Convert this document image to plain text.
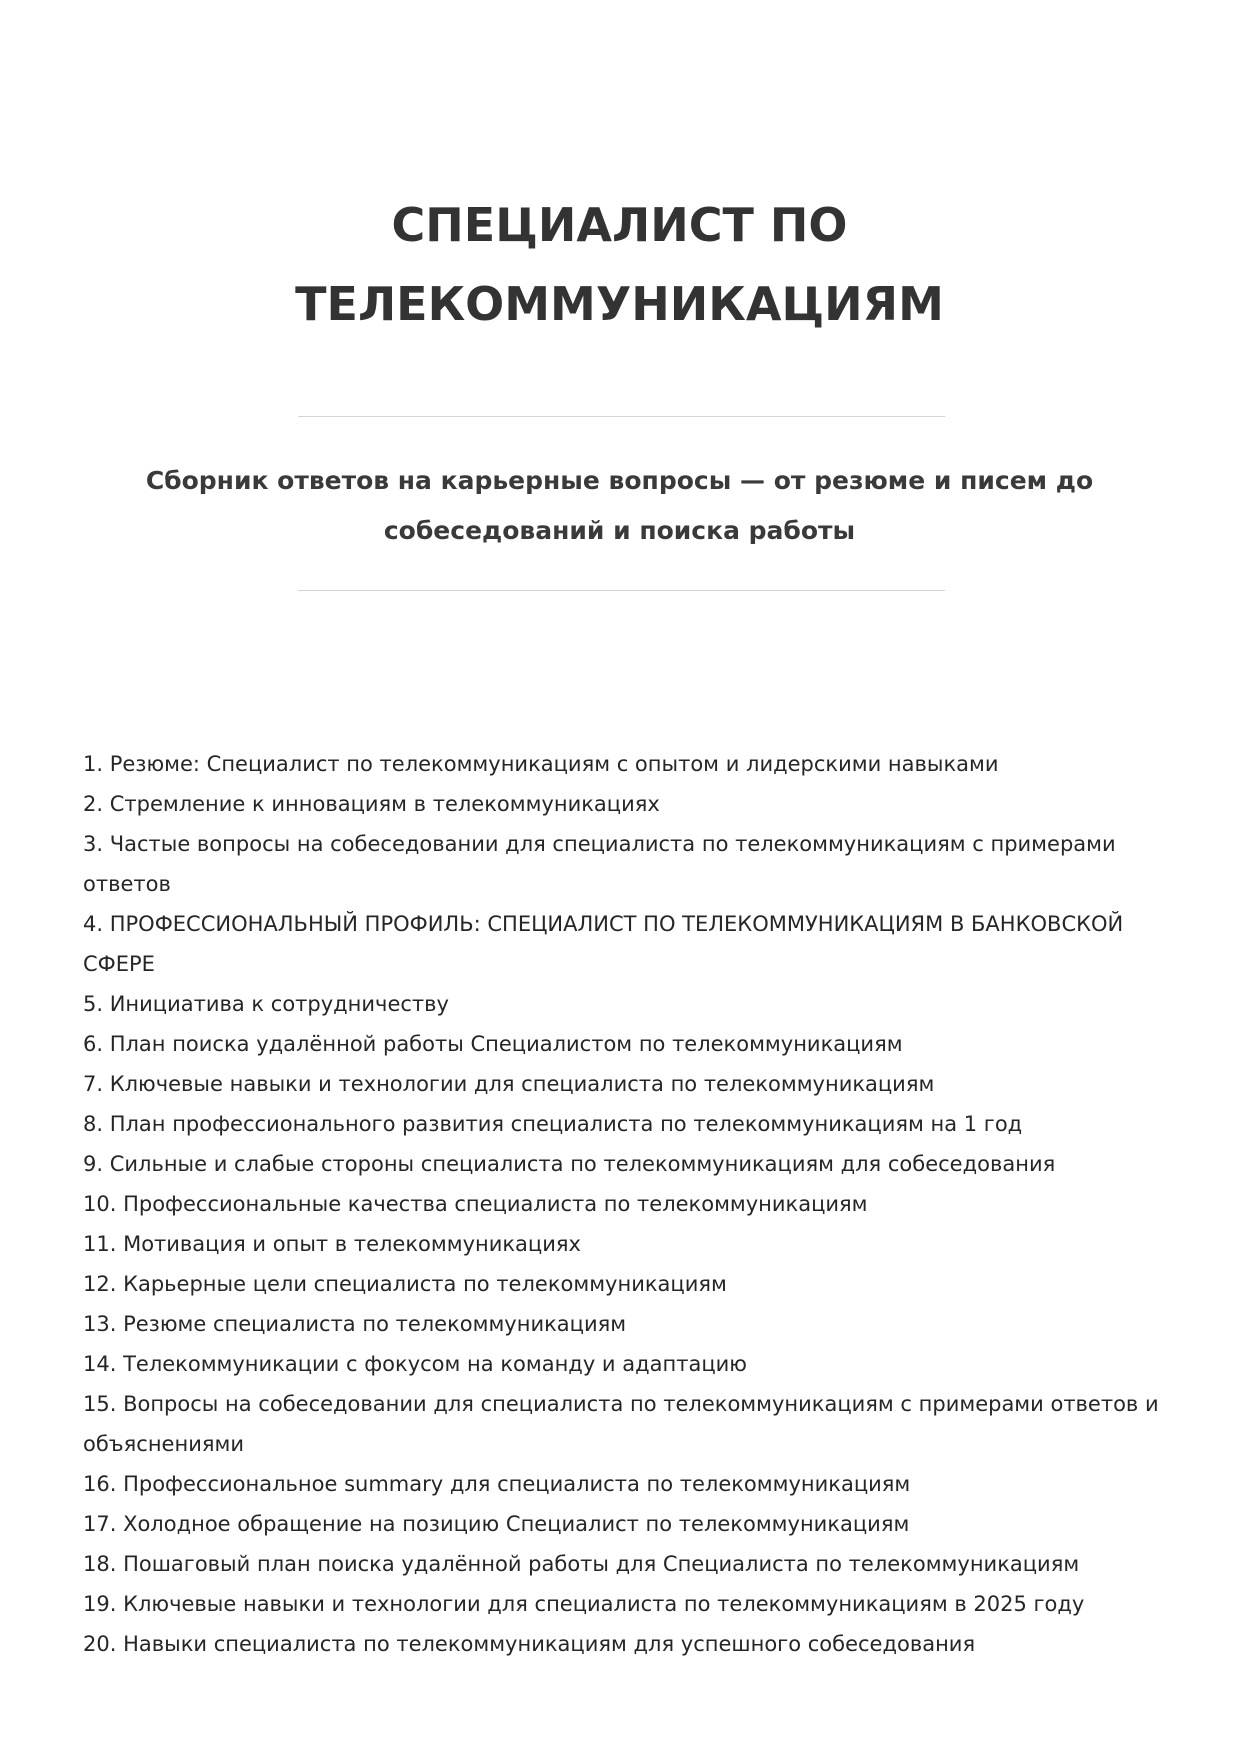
СПЕЦИАЛИСТ ПО
ТЕЛЕКОММУНИКАЦИЯМ

Сборник ответов на карьерные вопросы — от резюме и писем до
собеседований и поиска работы

1. Резюме: Специалист по телекоммуникациям с опытом и лидерскими навыками
2. Стремление к инновациям в телекоммуникациях
3. Частые вопросы на собеседовании для специалиста по телекоммуникациям с примерами ответов
4. ПРОФЕССИОНАЛЬНЫЙ ПРОФИЛЬ: СПЕЦИАЛИСТ ПО ТЕЛЕКОММУНИКАЦИЯМ В БАНКОВСКОЙ СФЕРЕ
5. Инициатива к сотрудничеству
6. План поиска удалённой работы Специалистом по телекоммуникациям
7. Ключевые навыки и технологии для специалиста по телекоммуникациям
8. План профессионального развития специалиста по телекоммуникациям на 1 год
9. Сильные и слабые стороны специалиста по телекоммуникациям для собеседования
10. Профессиональные качества специалиста по телекоммуникациям
11. Мотивация и опыт в телекоммуникациях
12. Карьерные цели специалиста по телекоммуникациям
13. Резюме специалиста по телекоммуникациям
14. Телекоммуникации с фокусом на команду и адаптацию
15. Вопросы на собеседовании для специалиста по телекоммуникациям с примерами ответов и объяснениями
16. Профессиональное summary для специалиста по телекоммуникациям
17. Холодное обращение на позицию Специалист по телекоммуникациям
18. Пошаговый план поиска удалённой работы для Специалиста по телекоммуникациям
19. Ключевые навыки и технологии для специалиста по телекоммуникациям в 2025 году
20. Навыки специалиста по телекоммуникациям для успешного собеседования
